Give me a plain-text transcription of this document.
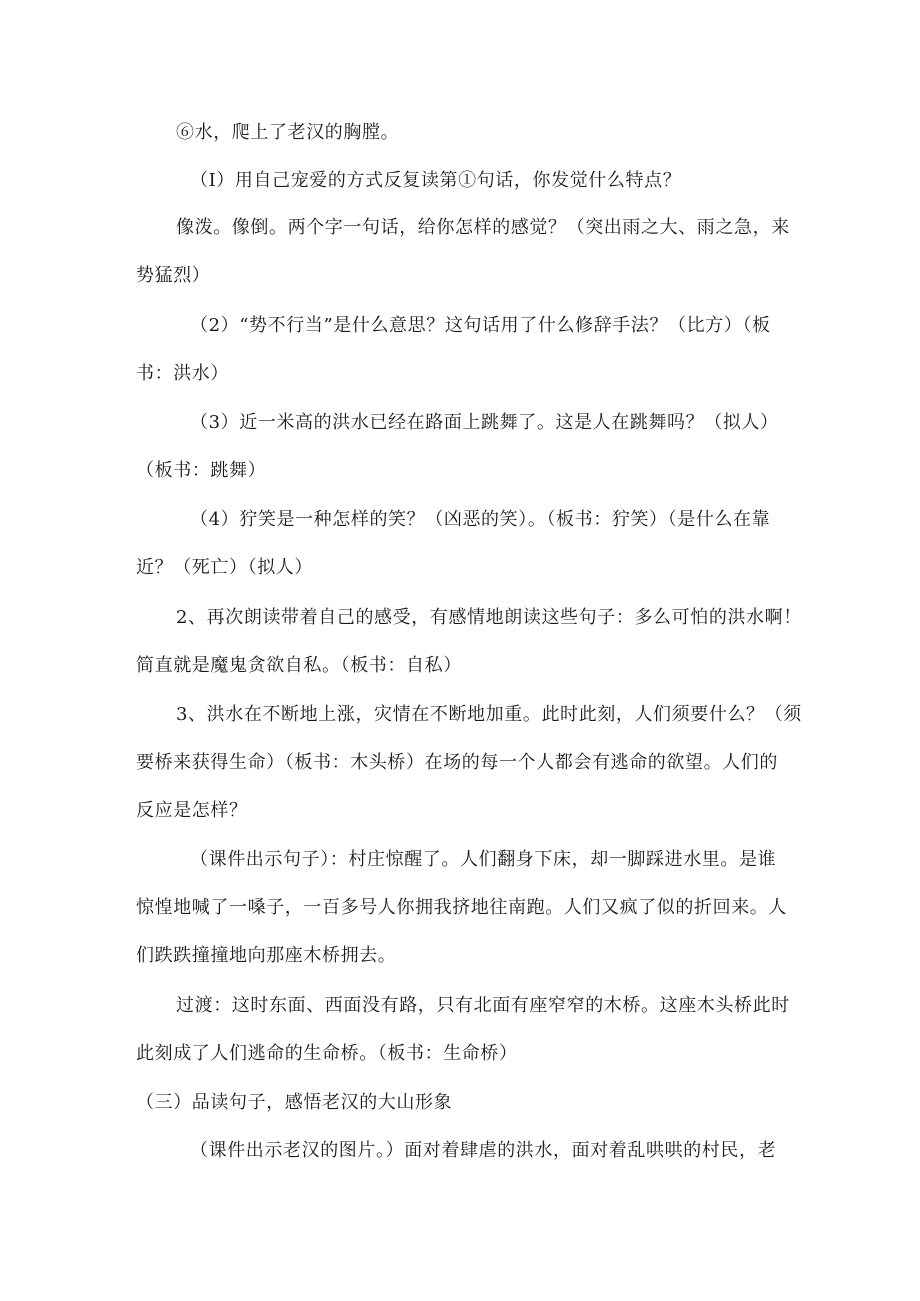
⑥水，爬上了老汉的胸膛。
（I）用自己宠爱的方式反复读第①句话，你发觉什么特点？
像泼。像倒。两个字一句话，给你怎样的感觉？（突出雨之大、雨之急，来
势猛烈）
（2）“势不行当”是什么意思？这句话用了什么修辞手法？（比方）（板
书：洪水）
（3）近一米高的洪水已经在路面上跳舞了。这是人在跳舞吗？（拟人）
（板书：跳舞）
（4）狞笑是一种怎样的笑？（凶恶的笑）。（板书：狞笑）（是什么在靠
近？（死亡）（拟人）
2、再次朗读带着自己的感受，有感情地朗读这些句子：多么可怕的洪水啊！
简直就是魔鬼贪欲自私。（板书：自私）
3、洪水在不断地上涨，灾情在不断地加重。此时此刻，人们须要什么？（须
要桥来获得生命）（板书：木头桥）在场的每一个人都会有逃命的欲望。人们的
反应是怎样？
（课件出示句子）：村庄惊醒了。人们翻身下床，却一脚踩进水里。是谁
惊惶地喊了一嗓子，一百多号人你拥我挤地往南跑。人们又疯了似的折回来。人
们跌跌撞撞地向那座木桥拥去。
过渡：这时东面、西面没有路，只有北面有座窄窄的木桥。这座木头桥此时
此刻成了人们逃命的生命桥。（板书：生命桥）
（三）品读句子，感悟老汉的大山形象
（课件出示老汉的图片。）面对着肆虐的洪水，面对着乱哄哄的村民，老
